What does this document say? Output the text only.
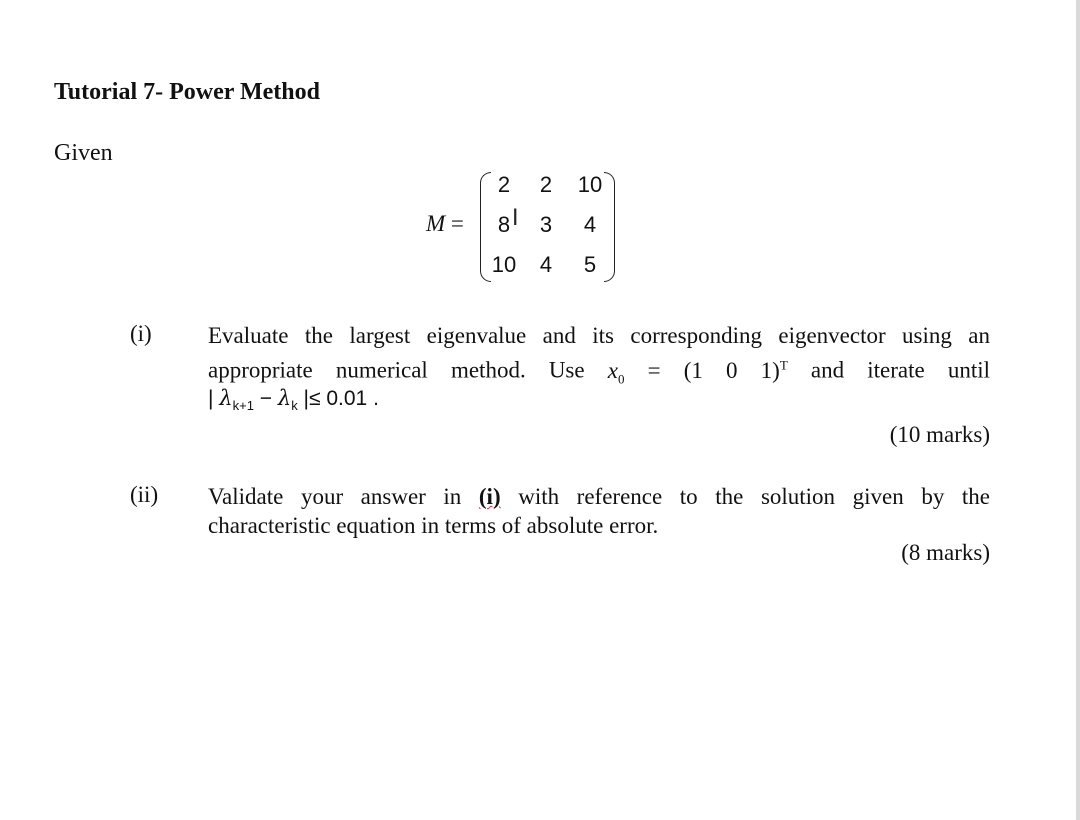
Tutorial 7- Power Method
Given
M =
2	2	10
8	3	4
10	4	5
I
(i) Evaluate the largest eigenvalue and its corresponding eigenvector using an
appropriate numerical method. Use $x_0 = (1$ 0 1)$^T$ and iterate until
| $\lambda_{k+1} - \lambda_k$ |≤ 0.01 .
(10 marks)
(ii) Validate your answer in (i) with reference to the solution given by the
characteristic equation in terms of absolute error.
(8 marks)
